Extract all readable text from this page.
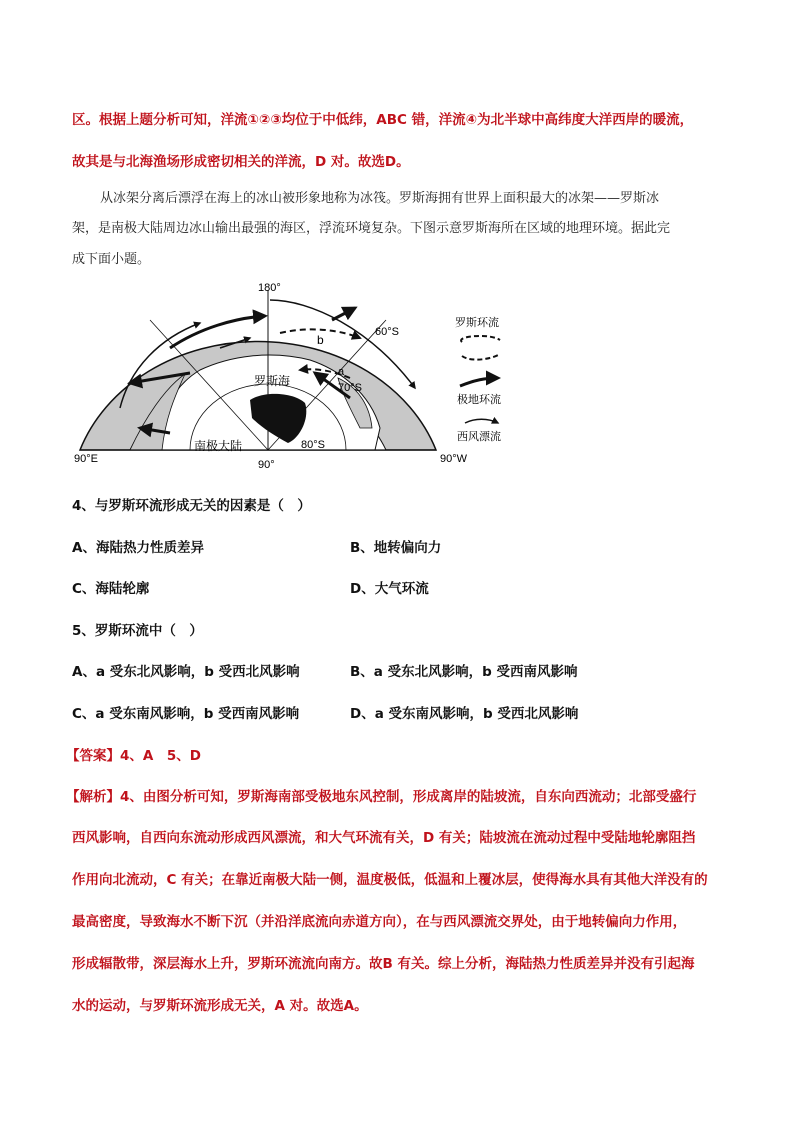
区。根据上题分析可知，洋流①②③均位于中低纬，ABC 错，洋流④为北半球中高纬度大洋西岸的暖流，
故其是与北海渔场形成密切相关的洋流，D 对。故选D。
从冰架分离后漂浮在海上的冰山被形象地称为冰筏。罗斯海拥有世界上面积最大的冰架——罗斯冰
架，是南极大陆周边冰山输出最强的海区，浮流环境复杂。下图示意罗斯海所在区域的地理环境。据此完
成下面小题。
180°
60°S
70°S
80°S
90°E	90°W
90°
a
b
罗斯海
南极大陆
罗斯环流
极地环流
西风漂流
4、与罗斯环流形成无关的因素是（　）
A、海陆热力性质差异	B、地转偏向力
C、海陆轮廓	D、大气环流
5、罗斯环流中（　）
A、a 受东北风影响，b 受西北风影响	B、a 受东北风影响，b 受西南风影响
C、a 受东南风影响，b 受西南风影响	D、a 受东南风影响，b 受西北风影响
【答案】4、A　5、D
【解析】4、由图分析可知，罗斯海南部受极地东风控制，形成离岸的陆坡流，自东向西流动；北部受盛行
西风影响，自西向东流动形成西风漂流，和大气环流有关，D 有关；陆坡流在流动过程中受陆地轮廓阻挡
作用向北流动，C 有关；在靠近南极大陆一侧，温度极低，低温和上覆冰层，使得海水具有其他大洋没有的
最高密度，导致海水不断下沉（并沿洋底流向赤道方向），在与西风漂流交界处，由于地转偏向力作用，
形成辐散带，深层海水上升，罗斯环流流向南方。故B 有关。综上分析，海陆热力性质差异并没有引起海
水的运动，与罗斯环流形成无关，A 对。故选A。
